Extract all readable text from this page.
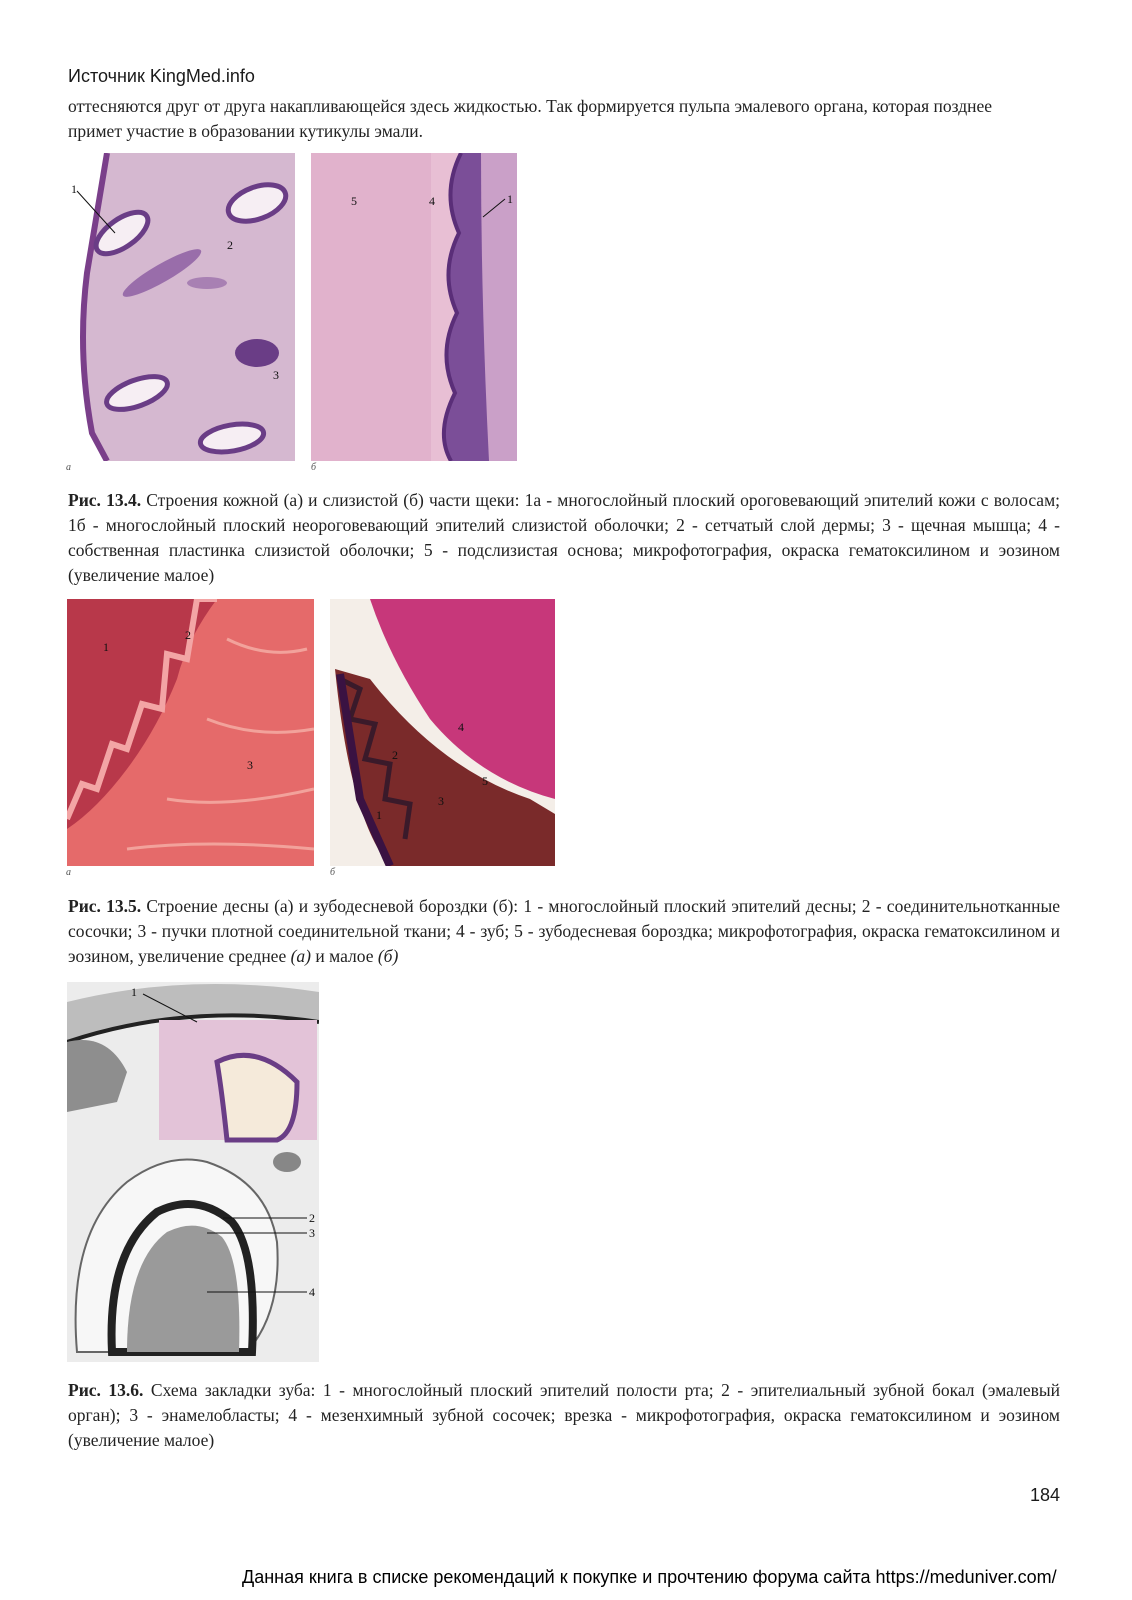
Источник KingMed.info
оттесняются друг от друга накапливающейся здесь жидкостью. Так формируется пульпа эмалевого органа, которая позднее примет участие в образовании кутикулы эмали.
1
2
3
а
5	4	1
б
Рис. 13.4. Строения кожной (а) и слизистой (б) части щеки: 1а - многослойный плоский ороговевающий эпителий кожи с волосам; 1б - многослойный плоский неороговевающий эпителий слизистой оболочки; 2 - сетчатый слой дермы; 3 - щечная мышца; 4 - собственная пластинка слизистой оболочки; 5 - подслизистая основа; микрофотография, окраска гематоксилином и эозином (увеличение малое)
1
2
3
а
4
5
2
3
1
б
Рис. 13.5. Строение десны (а) и зубодесневой бороздки (б): 1 - многослойный плоский эпителий десны; 2 - соединительнотканные сосочки; 3 - пучки плотной соединительной ткани; 4 - зуб; 5 - зубодесневая бороздка; микрофотография, окраска гематоксилином и эозином, увеличение среднее (а) и малое (б)
1
2
3
4
Рис. 13.6. Схема закладки зуба: 1 - многослойный плоский эпителий полости рта; 2 - эпителиальный зубной бокал (эмалевый орган); 3 - энамелобласты; 4 - мезенхимный зубной сосочек; врезка - микрофотография, окраска гематоксилином и эозином (увеличение малое)
184
Данная книга в списке рекомендаций к покупке и прочтению форума сайта https://meduniver.com/
